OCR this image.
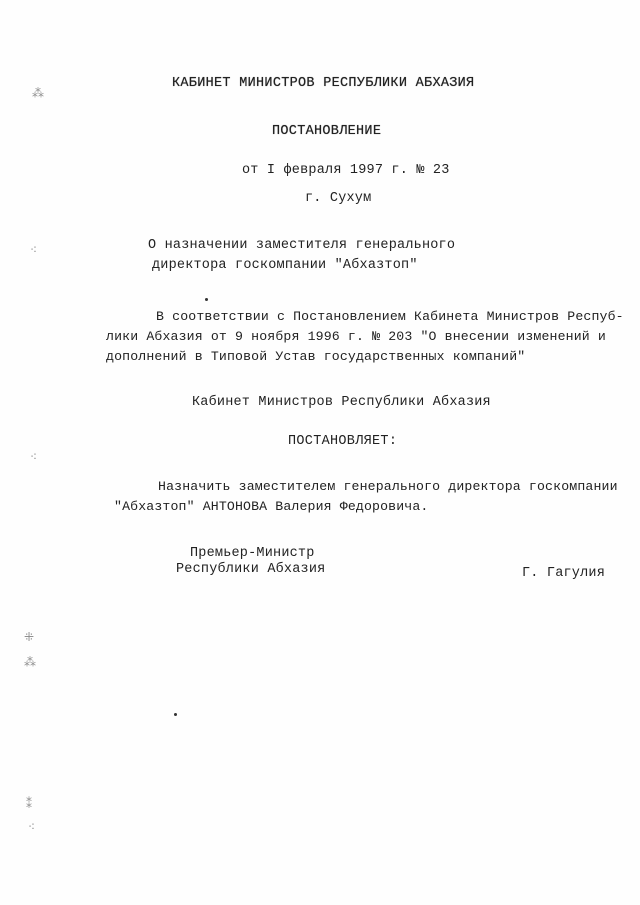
⁂
⁖
⁖
⁜
⁂
⁑
⁖
КАБИНЕТ МИНИСТРОВ РЕСПУБЛИКИ АБХАЗИЯ
ПОСТАНОВЛЕНИЕ
от I февраля 1997 г. № 23
г. Сухум
О назначении заместителя генерального
директора госкомпании "Абхазтоп"
В соответствии с Постановлением Кабинета Министров Респуб-
лики Абхазия от 9 ноября 1996 г. № 203 "О внесении изменений и
дополнений в Типовой Устав государственных компаний"
Кабинет Министров Республики Абхазия
ПОСТАНОВЛЯЕТ:
Назначить заместителем генерального директора госкомпании
"Абхазтоп" АНТОНОВА Валерия Федоровича.
Премьер-Министр
Республики Абхазия	Г. Гагулия
